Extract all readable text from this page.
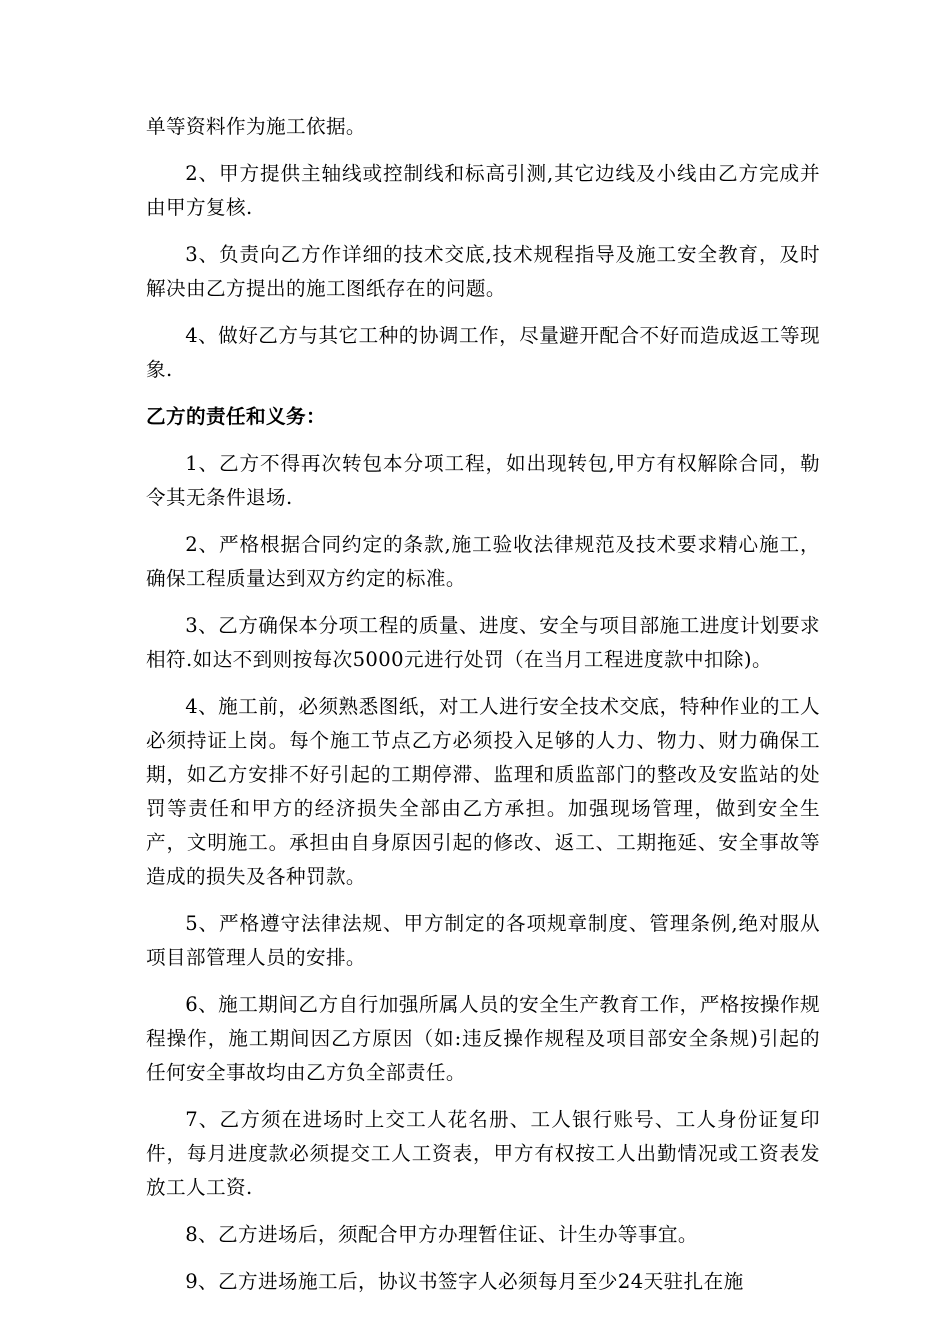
单等资料作为施工依据。

2、甲方提供主轴线或控制线和标高引测,其它边线及小线由乙方完成并由甲方复核.

3、负责向乙方作详细的技术交底,技术规程指导及施工安全教育，及时解决由乙方提出的施工图纸存在的问题。

4、做好乙方与其它工种的协调工作，尽量避开配合不好而造成返工等现象.

乙方的责任和义务：

1、乙方不得再次转包本分项工程，如出现转包,甲方有权解除合同，勒令其无条件退场.

2、严格根据合同约定的条款,施工验收法律规范及技术要求精心施工，确保工程质量达到双方约定的标准。

3、乙方确保本分项工程的质量、进度、安全与项目部施工进度计划要求相符.如达不到则按每次5000元进行处罚（在当月工程进度款中扣除)。

4、施工前，必须熟悉图纸，对工人进行安全技术交底，特种作业的工人必须持证上岗。每个施工节点乙方必须投入足够的人力、物力、财力确保工期，如乙方安排不好引起的工期停滞、监理和质监部门的整改及安监站的处罚等责任和甲方的经济损失全部由乙方承担。加强现场管理，做到安全生产，文明施工。承担由自身原因引起的修改、返工、工期拖延、安全事故等造成的损失及各种罚款。

5、严格遵守法律法规、甲方制定的各项规章制度、管理条例,绝对服从项目部管理人员的安排。

6、施工期间乙方自行加强所属人员的安全生产教育工作，严格按操作规程操作，施工期间因乙方原因（如:违反操作规程及项目部安全条规)引起的任何安全事故均由乙方负全部责任。

7、乙方须在进场时上交工人花名册、工人银行账号、工人身份证复印件，每月进度款必须提交工人工资表，甲方有权按工人出勤情况或工资表发放工人工资.

8、乙方进场后，须配合甲方办理暂住证、计生办等事宜。

9、乙方进场施工后，协议书签字人必须每月至少24天驻扎在施
